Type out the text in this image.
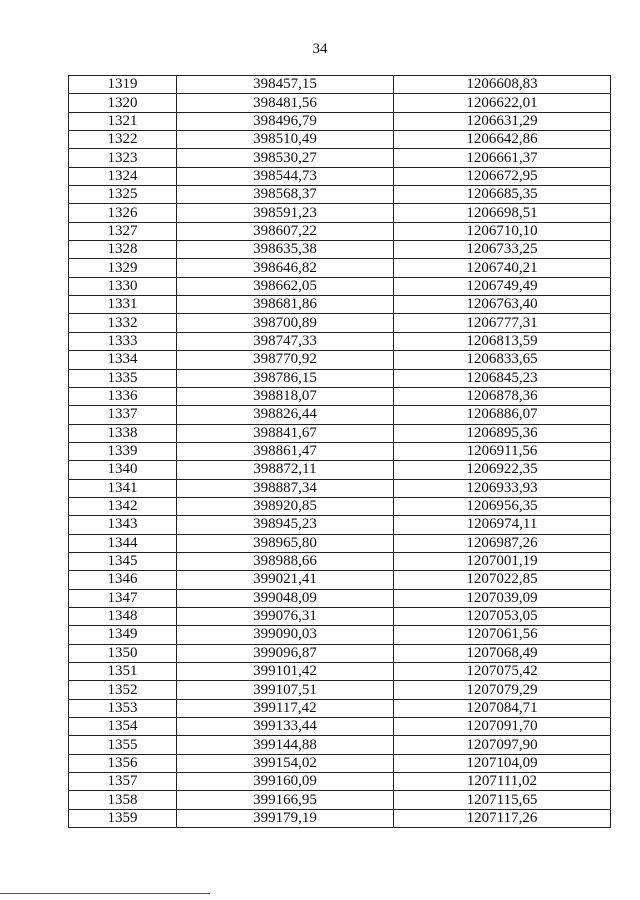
34
1319	398457,15	1206608,83
1320	398481,56	1206622,01
1321	398496,79	1206631,29
1322	398510,49	1206642,86
1323	398530,27	1206661,37
1324	398544,73	1206672,95
1325	398568,37	1206685,35
1326	398591,23	1206698,51
1327	398607,22	1206710,10
1328	398635,38	1206733,25
1329	398646,82	1206740,21
1330	398662,05	1206749,49
1331	398681,86	1206763,40
1332	398700,89	1206777,31
1333	398747,33	1206813,59
1334	398770,92	1206833,65
1335	398786,15	1206845,23
1336	398818,07	1206878,36
1337	398826,44	1206886,07
1338	398841,67	1206895,36
1339	398861,47	1206911,56
1340	398872,11	1206922,35
1341	398887,34	1206933,93
1342	398920,85	1206956,35
1343	398945,23	1206974,11
1344	398965,80	1206987,26
1345	398988,66	1207001,19
1346	399021,41	1207022,85
1347	399048,09	1207039,09
1348	399076,31	1207053,05
1349	399090,03	1207061,56
1350	399096,87	1207068,49
1351	399101,42	1207075,42
1352	399107,51	1207079,29
1353	399117,42	1207084,71
1354	399133,44	1207091,70
1355	399144,88	1207097,90
1356	399154,02	1207104,09
1357	399160,09	1207111,02
1358	399166,95	1207115,65
1359	399179,19	1207117,26
